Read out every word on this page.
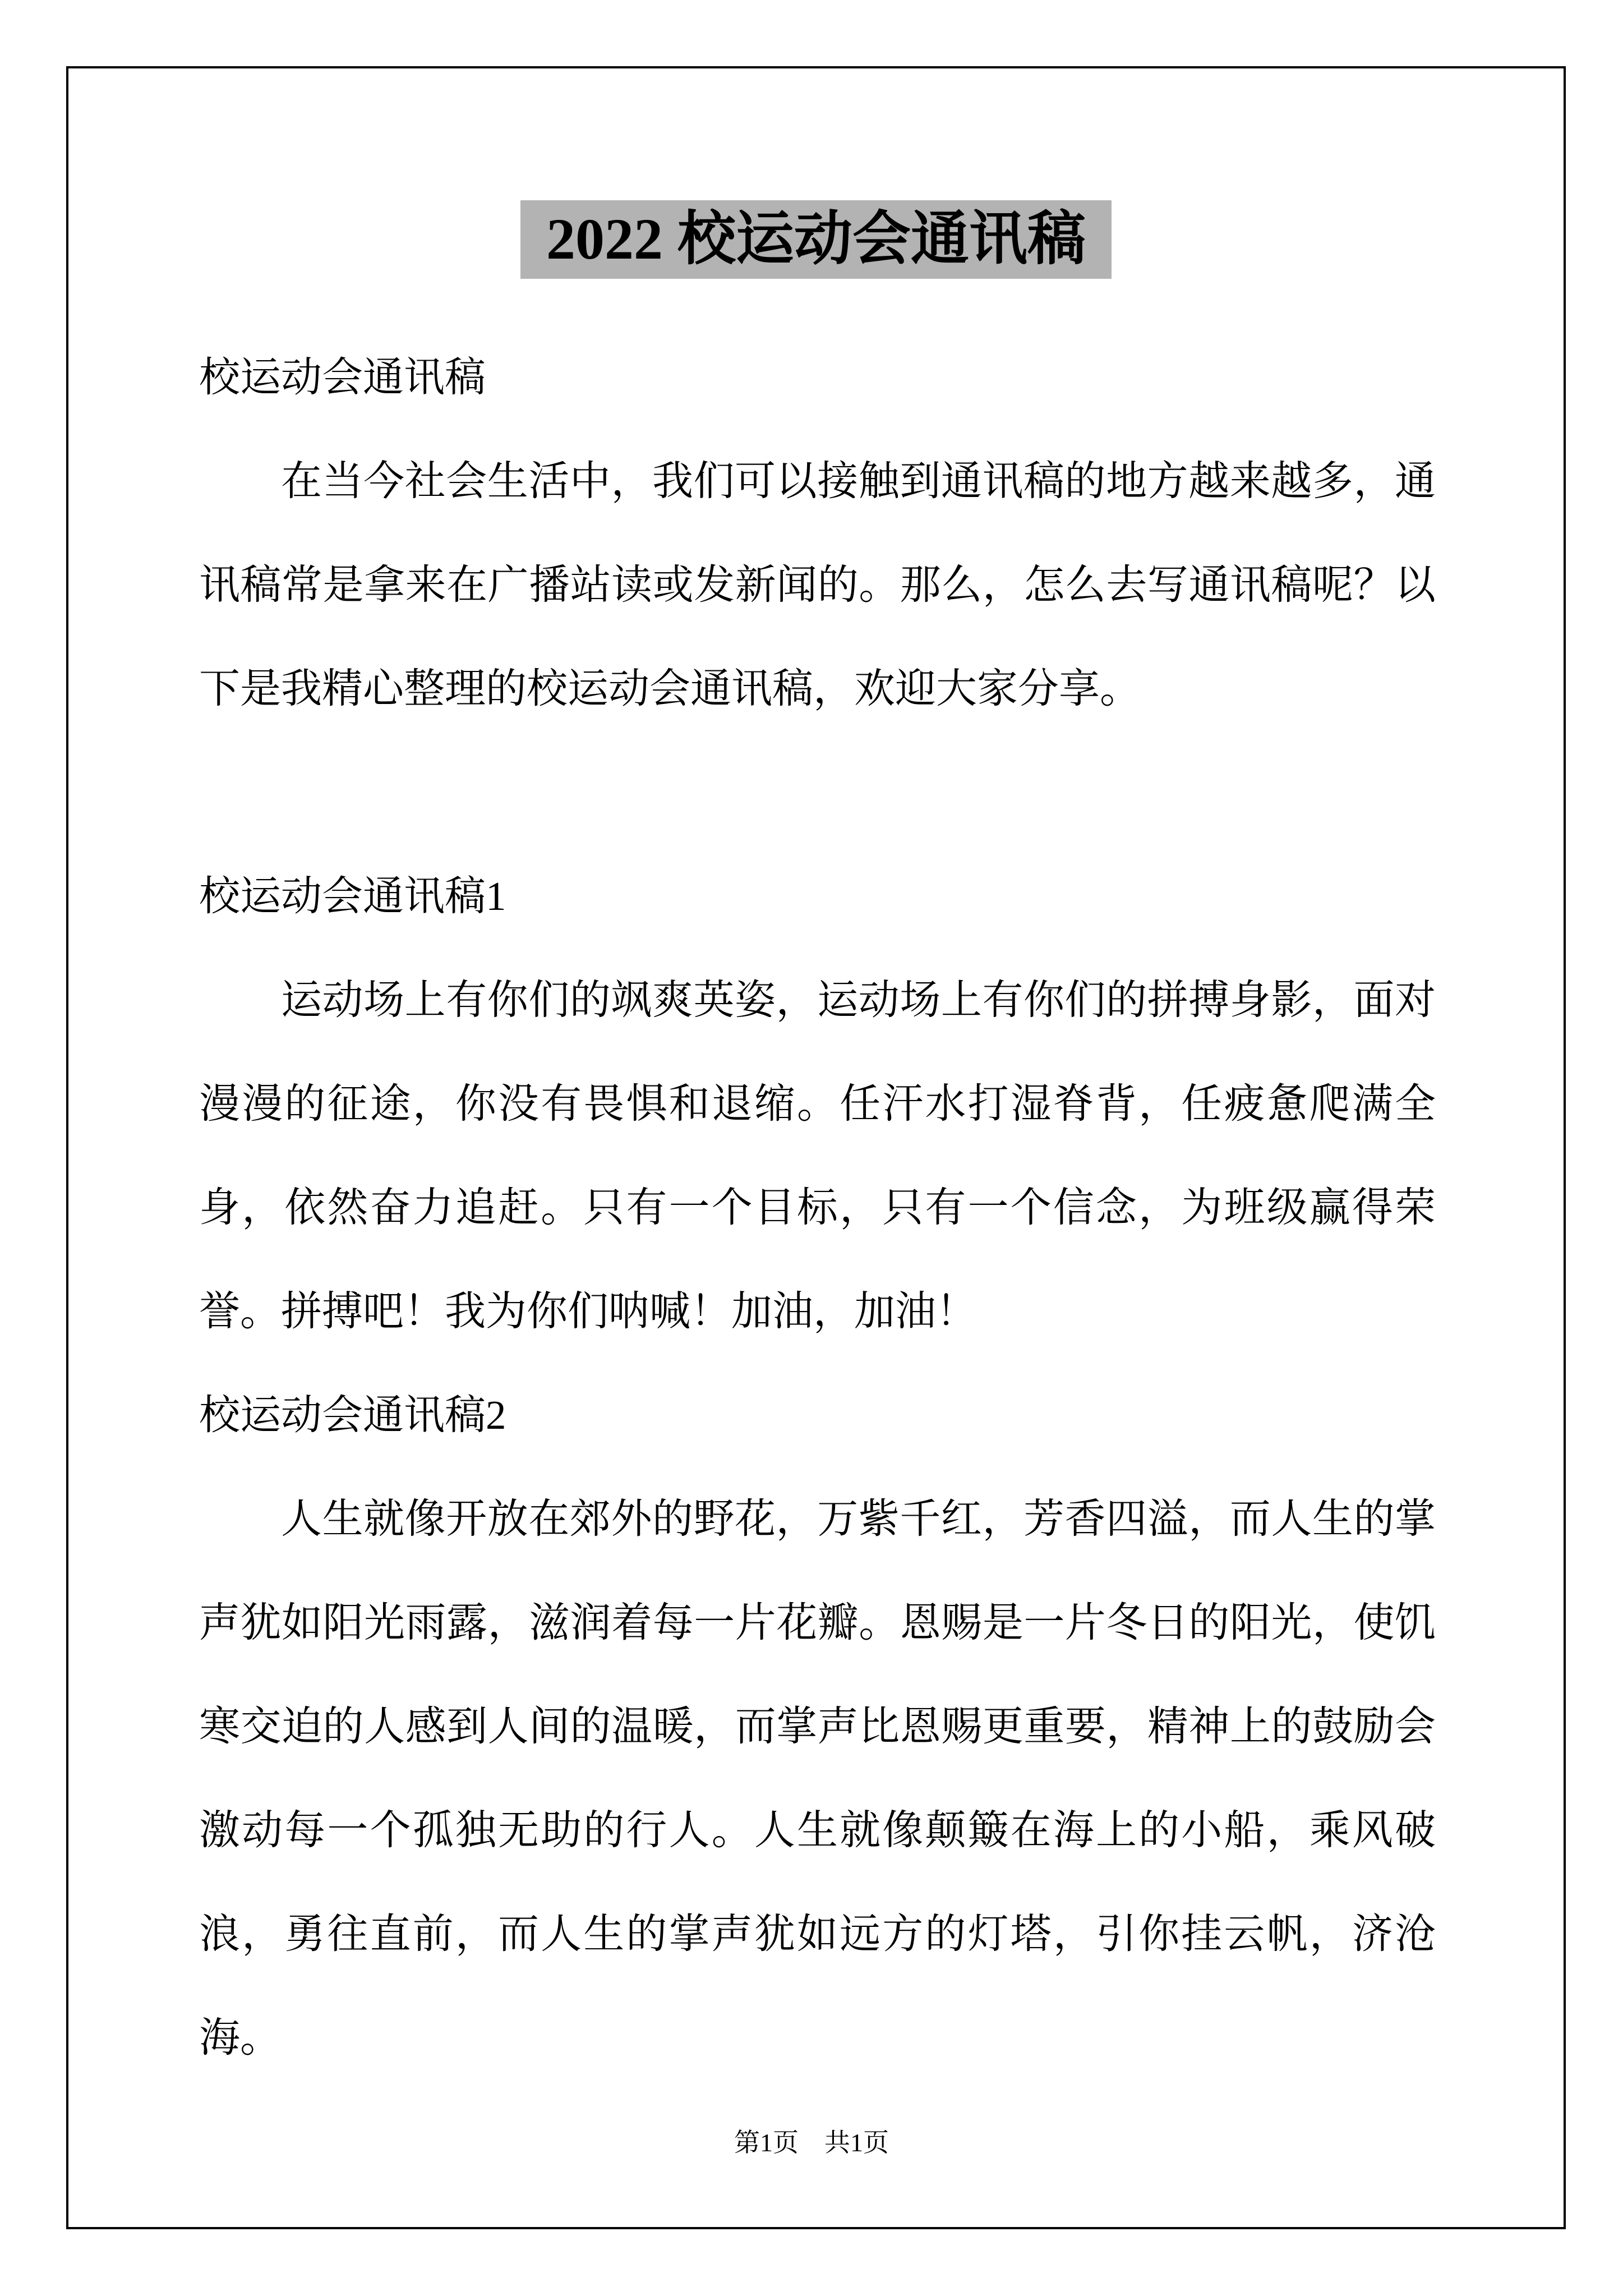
2022 校运动会通讯稿
校运动会通讯稿
在当今社会生活中，我们可以接触到通讯稿的地方越来越多，通讯稿常是拿来在广播站读或发新闻的。那么，怎么去写通讯稿呢？以下是我精心整理的校运动会通讯稿，欢迎大家分享。
校运动会通讯稿1
运动场上有你们的飒爽英姿，运动场上有你们的拼搏身影，面对漫漫的征途，你没有畏惧和退缩。任汗水打湿脊背，任疲惫爬满全身，依然奋力追赶。只有一个目标，只有一个信念，为班级赢得荣誉。拼搏吧！我为你们呐喊！加油，加油！
校运动会通讯稿2
人生就像开放在郊外的野花，万紫千红，芳香四溢，而人生的掌声犹如阳光雨露，滋润着每一片花瓣。恩赐是一片冬日的阳光，使饥寒交迫的人感到人间的温暖，而掌声比恩赐更重要，精神上的鼓励会激动每一个孤独无助的行人。人生就像颠簸在海上的小船，乘风破浪，勇往直前，而人生的掌声犹如远方的灯塔，引你挂云帆，济沧海。
第1页　共1页
